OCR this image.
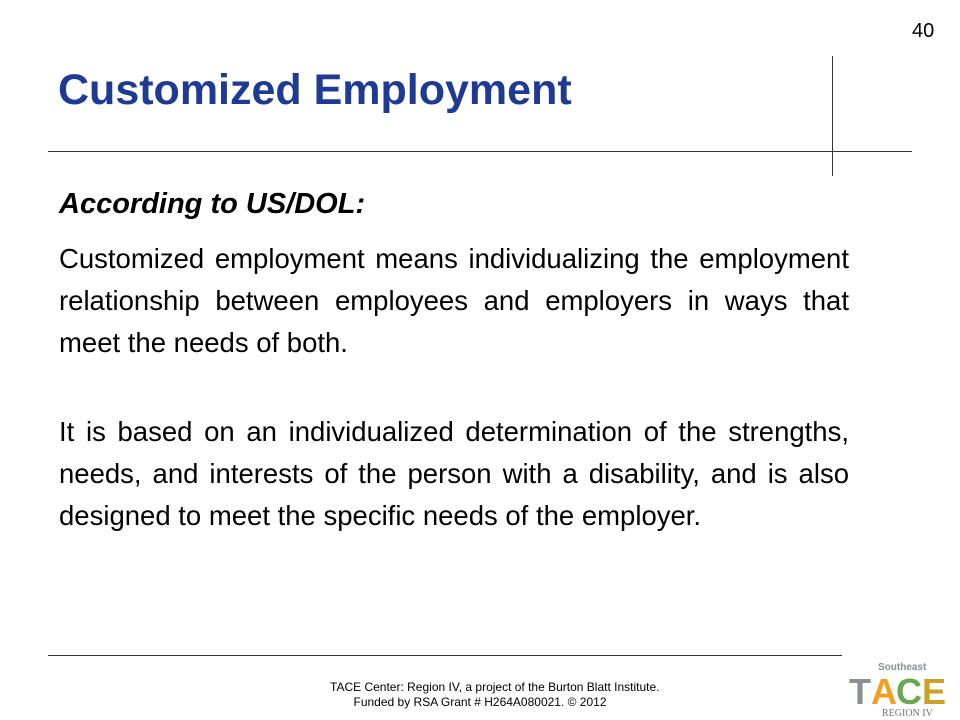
40
Customized Employment
According to US/DOL:
Customized employment means individualizing the employment relationship between employees and employers in ways that meet the needs of both.
It is based on an individualized determination of the strengths, needs, and interests of the person with a disability, and is also designed to meet the specific needs of the employer.
TACE Center: Region IV, a project of the Burton Blatt Institute.
Funded by RSA Grant # H264A080021. © 2012
Southeast
T A C E
REGION IV
